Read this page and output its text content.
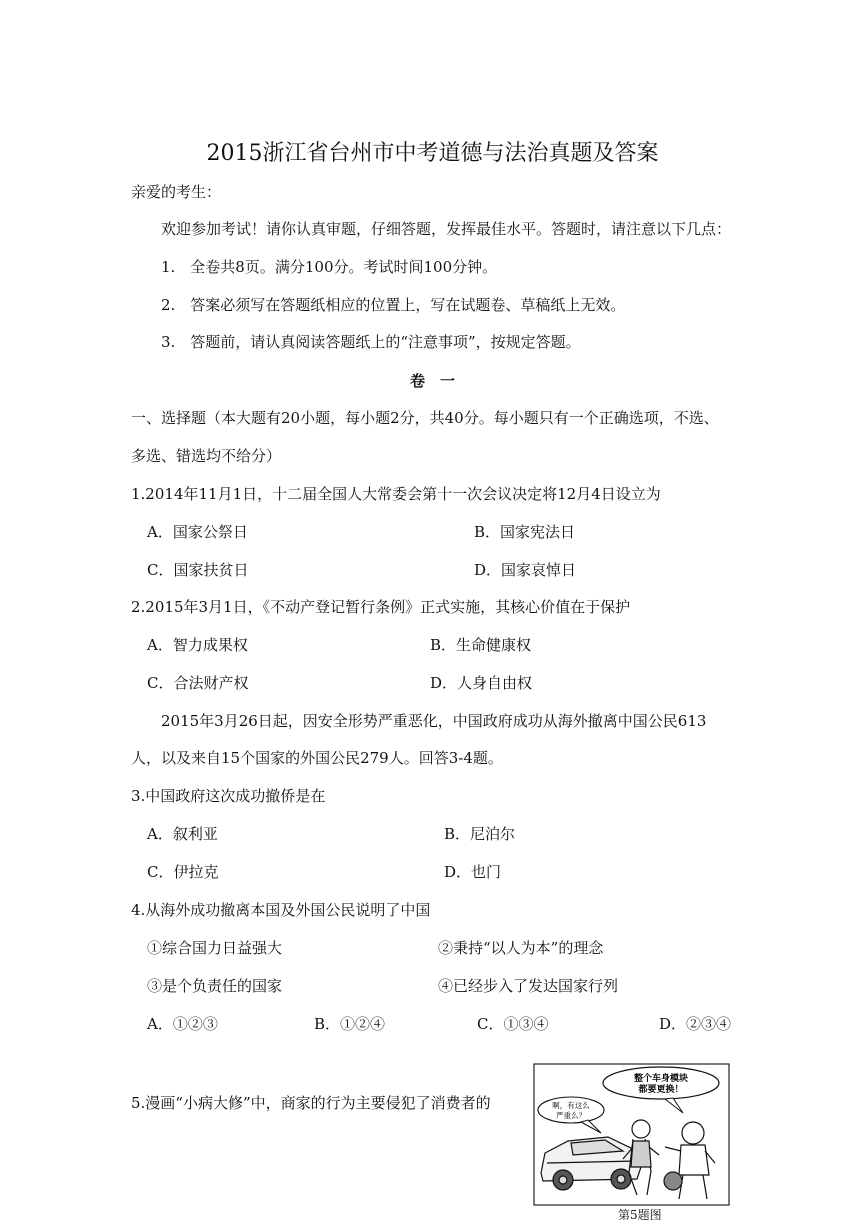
2015浙江省台州市中考道德与法治真题及答案
亲爱的考生：
欢迎参加考试！请你认真审题，仔细答题，发挥最佳水平。答题时，请注意以下几点：
1.　全卷共8页。满分100分。考试时间100分钟。
2.　答案必须写在答题纸相应的位置上，写在试题卷、草稿纸上无效。
3.　答题前，请认真阅读答题纸上的“注意事项”，按规定答题。
卷　一
一、选择题（本大题有20小题，每小题2分，共40分。每小题只有一个正确选项，不选、
多选、错选均不给分）
1.2014年11月1日，十二届全国人大常委会第十一次会议决定将12月4日设立为
A．国家公祭日	B．国家宪法日
C．国家扶贫日	D．国家哀悼日
2.2015年3月1日，《不动产登记暂行条例》正式实施，其核心价值在于保护
A．智力成果权	B．生命健康权
C．合法财产权	D．人身自由权
2015年3月26日起，因安全形势严重恶化，中国政府成功从海外撤离中国公民613
人，以及来自15个国家的外国公民279人。回答3-4题。
3.中国政府这次成功撤侨是在
A．叙利亚	B．尼泊尔
C．伊拉克	D．也门
4.从海外成功撤离本国及外国公民说明了中国
①综合国力日益强大	②秉持“以人为本”的理念
③是个负责任的国家	④已经步入了发达国家行列
A．①②③	B．①②④	C．①③④	D．②③④
5.漫画“小病大修”中，商家的行为主要侵犯了消费者的
整个车身模块
都要更换！
啊，有这么
严重么？
第5题图
